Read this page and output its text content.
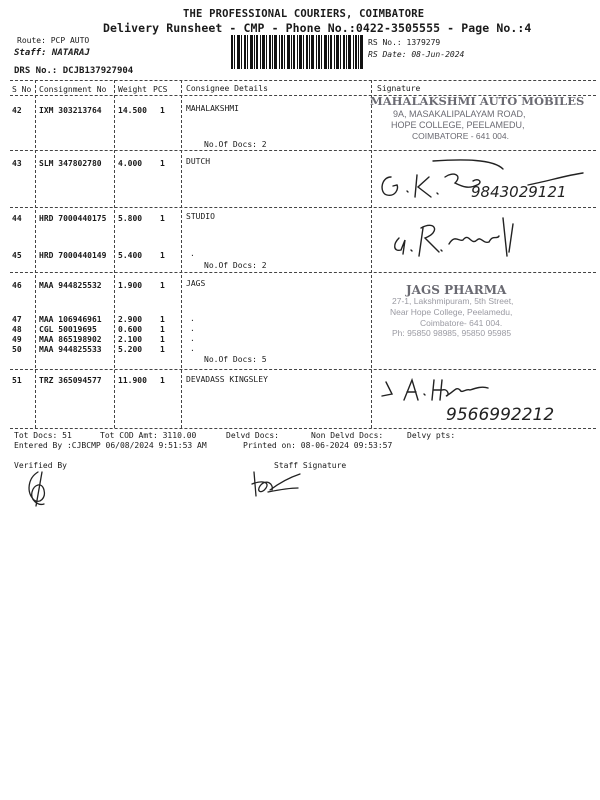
THE PROFESSIONAL COURIERS, COIMBATORE
Delivery Runsheet - CMP - Phone No.:0422-3505555 - Page No.:4
Route: PCP AUTO
Staff: NATARAJ
DRS No.: DCJB137927904
RS No.: 1379279
RS Date: 08-Jun-2024
S No Consignment No Weight PCS Consignee Details	Signature
42 IXM 303213764 14.500 1	MAHALAKSHMI
No.Of Docs: 2
MAHALAKSHMI AUTO MOBILES
9A, MASAKALIPALAYAM ROAD,
HOPE COLLEGE, PEELAMEDU,
COIMBATORE - 641 004.
43 SLM 347802780 4.000 1	DUTCH
9843029121
44 HRD 7000440175 5.800 1	STUDIO
45 HRD 7000440149 5.400 1	.
No.Of Docs: 2
46 MAA 944825532 1.900 1	JAGS
47 MAA 106946961 2.900 1	.
48 CGL 50019695	0.600 1	.
49 MAA 865198902 2.100 1	.
50 MAA 944825533 5.200 1	.
No.Of Docs: 5
JAGS PHARMA
27-1, Lakshmipuram, 5th Street,
Near Hope College, Peelamedu,
Coimbatore- 641 004.
Ph: 95850 98985, 95850 95985
51 TRZ 365094577 11.900 1	DEVADASS KINGSLEY
9566992212
Tot Docs: 51	Tot COD Amt: 3110.00	Delvd Docs:	Non Delvd Docs:	Delvy pts:
Entered By :CJBCMP 06/08/2024 9:51:53 AM	Printed on: 08-06-2024 09:53:57
Verified By	Staff Signature
